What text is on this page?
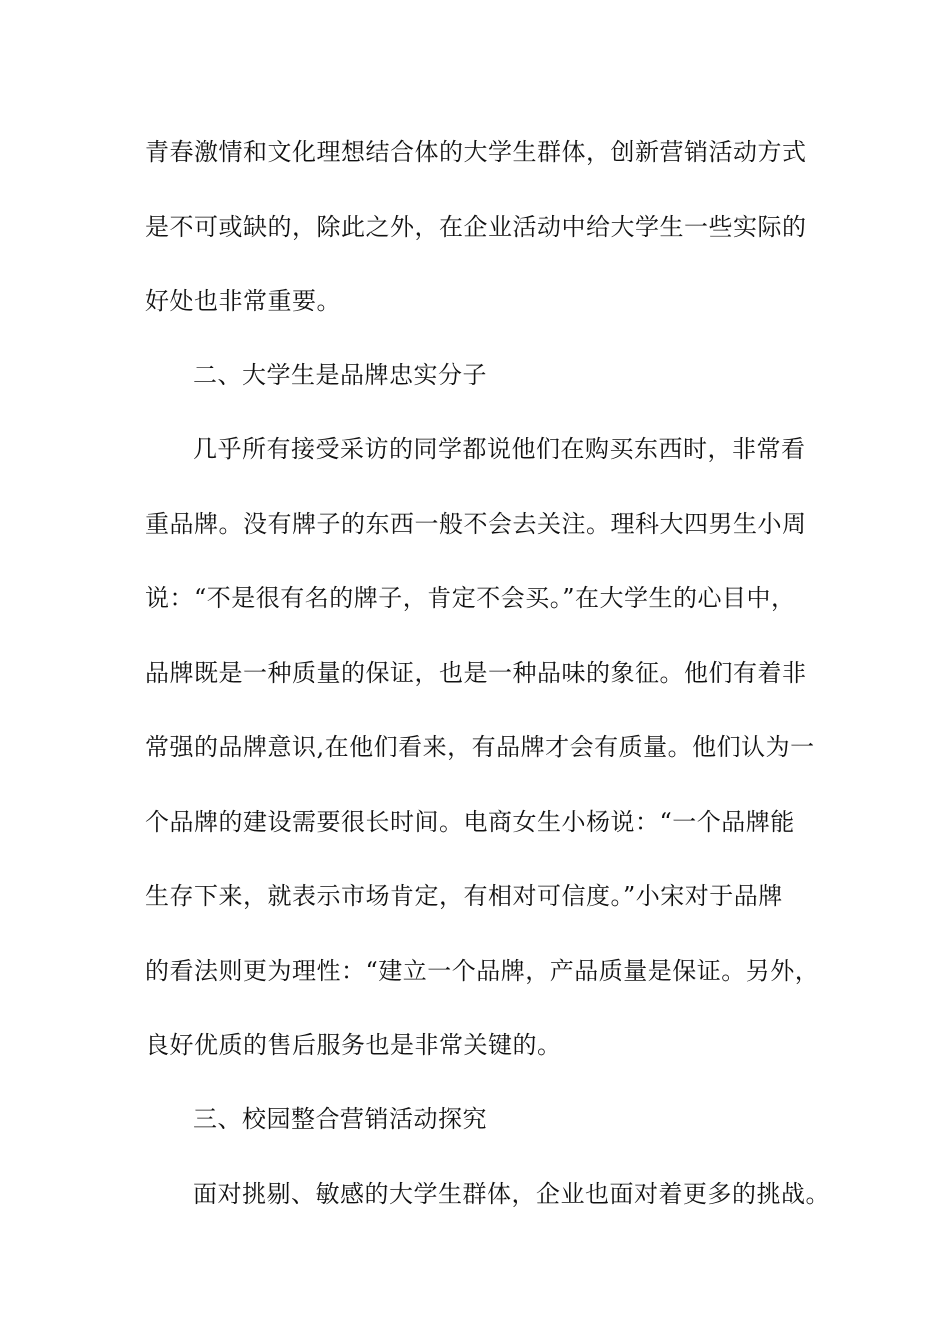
青春激情和文化理想结合体的大学生群体，创新营销活动方式
是不可或缺的，除此之外，在企业活动中给大学生一些实际的
好处也非常重要。
二、大学生是品牌忠实分子
几乎所有接受采访的同学都说他们在购买东西时，非常看
重品牌。没有牌子的东西一般不会去关注。理科大四男生小周
说：“不是很有名的牌子，肯定不会买。”在大学生的心目中，
品牌既是一种质量的保证，也是一种品味的象征。他们有着非
常强的品牌意识,在他们看来，有品牌才会有质量。他们认为一
个品牌的建设需要很长时间。电商女生小杨说：“一个品牌能
生存下来，就表示市场肯定，有相对可信度。”小宋对于品牌
的看法则更为理性：“建立一个品牌，产品质量是保证。另外，
良好优质的售后服务也是非常关键的。
三、校园整合营销活动探究
面对挑剔、敏感的大学生群体，企业也面对着更多的挑战。
